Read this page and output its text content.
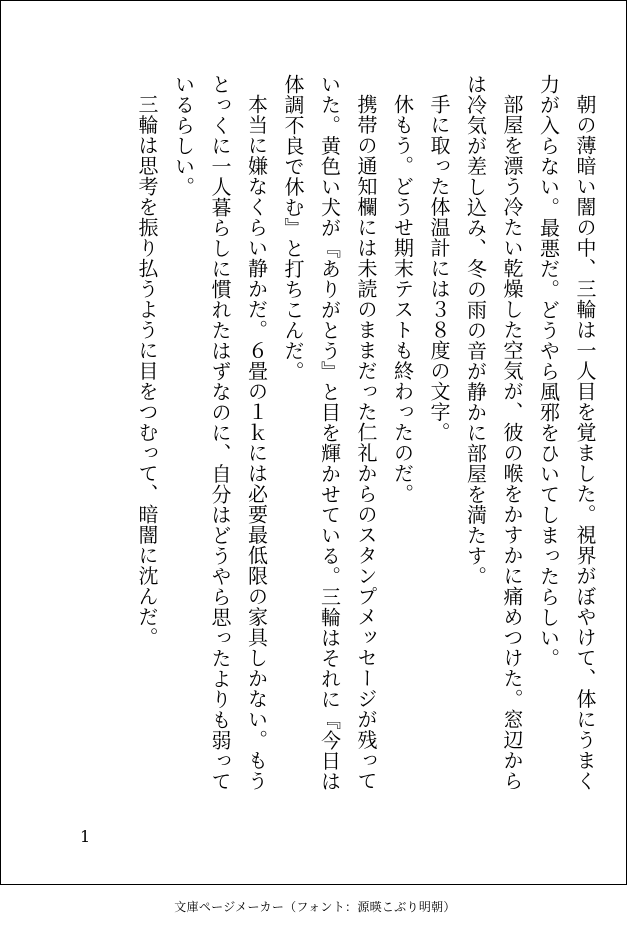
朝の薄暗い闇の中、三輪は一人目を覚ました。視界がぼやけて、体にうまく力が入らない。最悪だ。どうやら風邪をひいてしまったらしい。

部屋を漂う冷たい乾燥した空気が、彼の喉をかすかに痛めつけた。窓辺からは冷気が差し込み、冬の雨の音が静かに部屋を満たす。

手に取った体温計には３８度の文字。

休もう。どうせ期末テストも終わったのだ。

携帯の通知欄には未読のままだった仁礼からのスタンプメッセージが残っていた。黄色い犬が『ありがとう』と目を輝かせている。三輪はそれに『今日は体調不良で休む』と打ちこんだ。

本当に嫌なくらい静かだ。６畳の１ｋには必要最低限の家具しかない。もうとっくに一人暮らしに慣れたはずなのに、自分はどうやら思ったよりも弱っているらしい。

三輪は思考を振り払うように目をつむって、暗闇に沈んだ。

1
文庫ページメーカー（フォント：源暎こぶり明朝）
